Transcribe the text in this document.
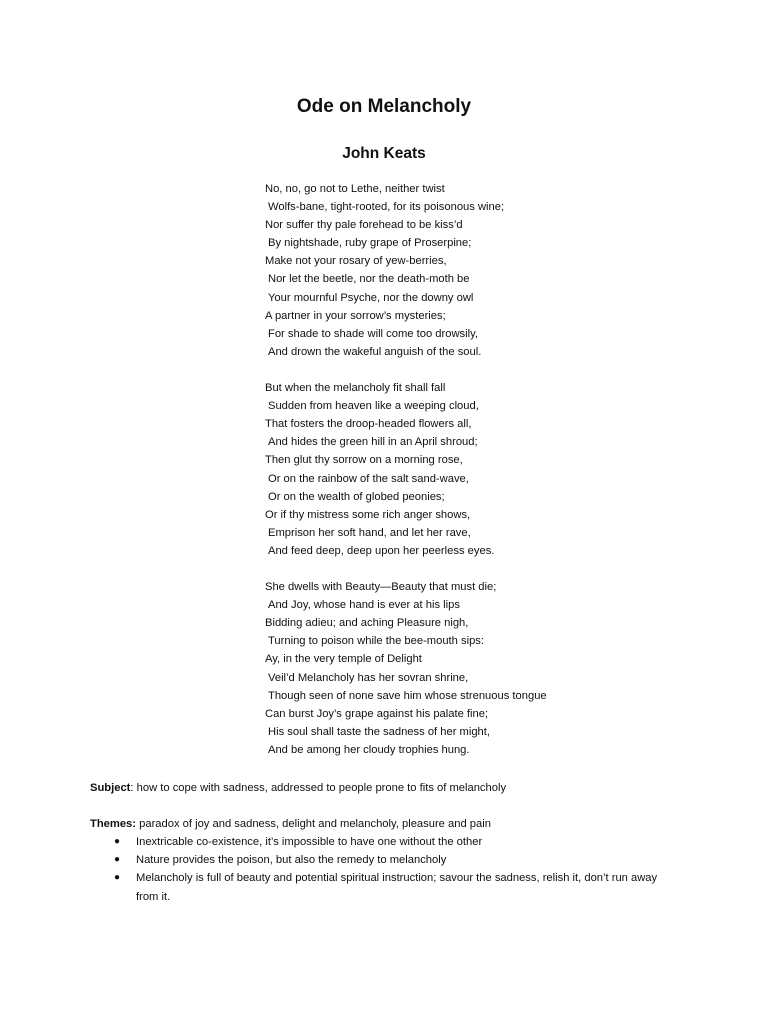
Ode on Melancholy
John Keats
No, no, go not to Lethe, neither twist
Wolfs-bane, tight-rooted, for its poisonous wine;
Nor suffer thy pale forehead to be kiss’d
By nightshade, ruby grape of Proserpine;
Make not your rosary of yew-berries,
Nor let the beetle, nor the death-moth be
Your mournful Psyche, nor the downy owl
A partner in your sorrow’s mysteries;
For shade to shade will come too drowsily,
And drown the wakeful anguish of the soul.
But when the melancholy fit shall fall
Sudden from heaven like a weeping cloud,
That fosters the droop-headed flowers all,
And hides the green hill in an April shroud;
Then glut thy sorrow on a morning rose,
Or on the rainbow of the salt sand-wave,
Or on the wealth of globed peonies;
Or if thy mistress some rich anger shows,
Emprison her soft hand, and let her rave,
And feed deep, deep upon her peerless eyes.
She dwells with Beauty—Beauty that must die;
And Joy, whose hand is ever at his lips
Bidding adieu; and aching Pleasure nigh,
Turning to poison while the bee-mouth sips:
Ay, in the very temple of Delight
Veil’d Melancholy has her sovran shrine,
Though seen of none save him whose strenuous tongue
Can burst Joy’s grape against his palate fine;
His soul shall taste the sadness of her might,
And be among her cloudy trophies hung.

Subject: how to cope with sadness, addressed to people prone to fits of melancholy

Themes: paradox of joy and sadness, delight and melancholy, pleasure and pain

● Inextricable co-existence, it’s impossible to have one without the other
● Nature provides the poison, but also the remedy to melancholy
● Melancholy is full of beauty and potential spiritual instruction; savour the sadness, relish it, don’t run away from it.
